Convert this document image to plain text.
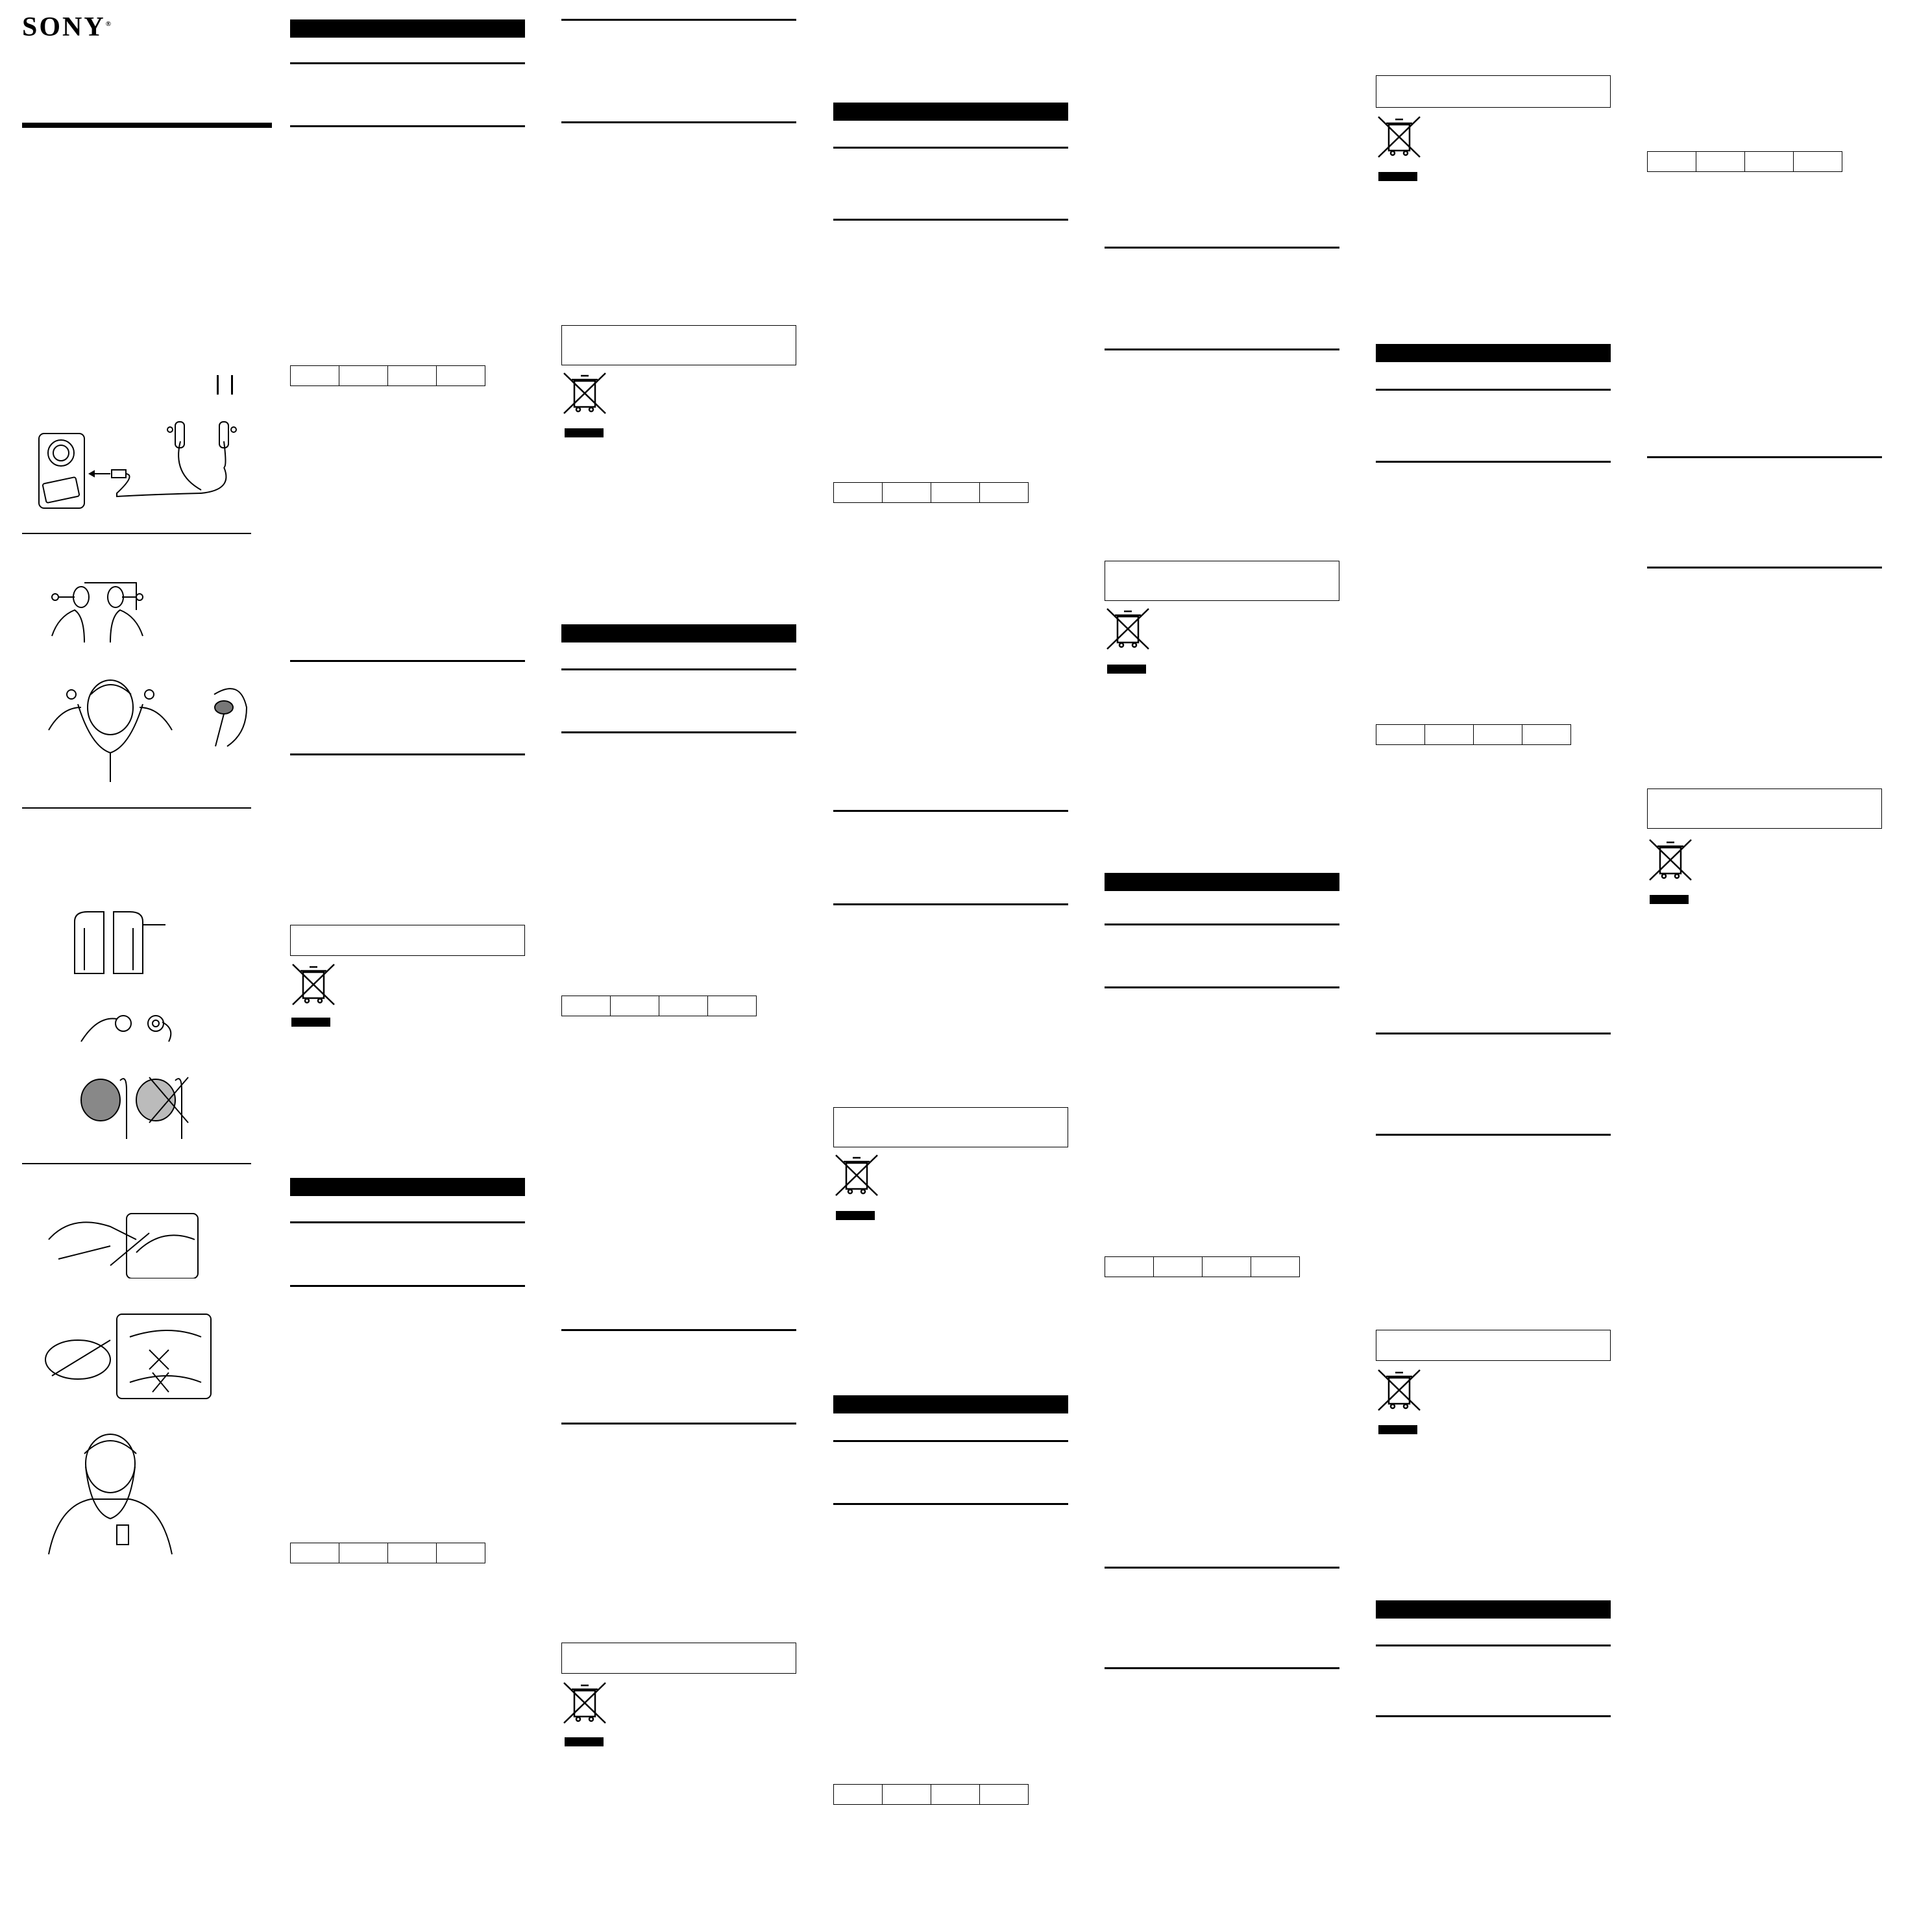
SONY®
